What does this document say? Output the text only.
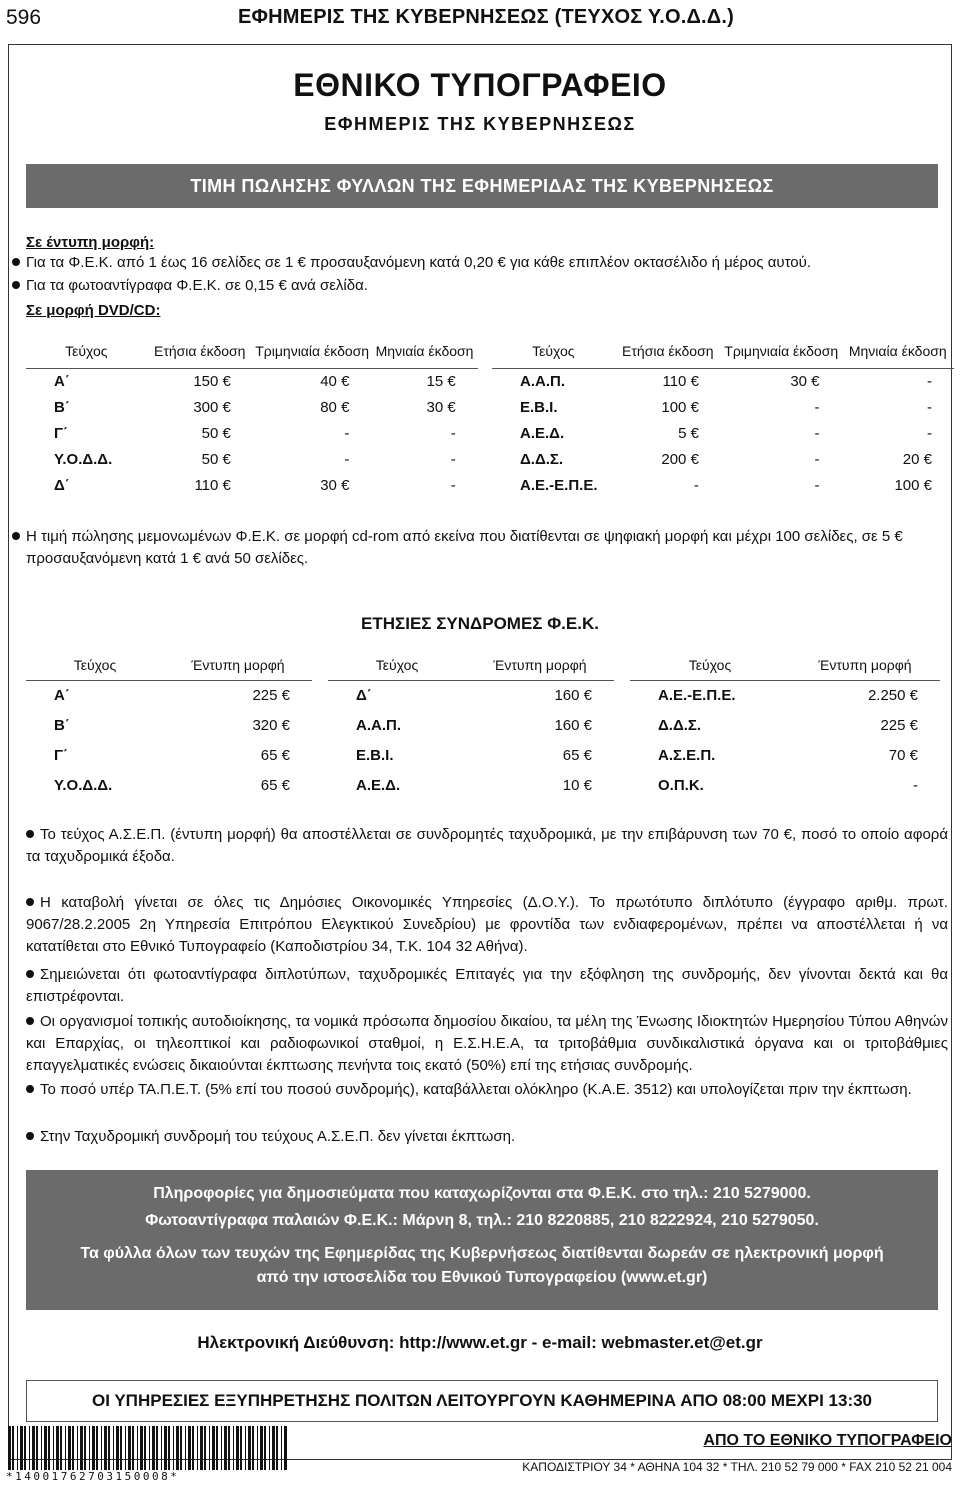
596	ΕΦΗΜΕΡΙΣ ΤΗΣ ΚΥΒΕΡΝΗΣΕΩΣ (ΤΕΥΧΟΣ Υ.Ο.Δ.Δ.)
ΕΘΝΙΚΟ ΤΥΠΟΓΡΑΦΕΙΟ
ΕΦΗΜΕΡΙΣ ΤΗΣ ΚΥΒΕΡΝΗΣΕΩΣ
ΤΙΜΗ ΠΩΛΗΣΗΣ ΦΥΛΛΩΝ ΤΗΣ ΕΦΗΜΕΡΙΔΑΣ ΤΗΣ ΚΥΒΕΡΝΗΣΕΩΣ
Σε έντυπη μορφή:
Για τα Φ.Ε.Κ. από 1 έως 16 σελίδες σε 1 € προσαυξανόμενη κατά 0,20 € για κάθε επιπλέον οκτασέλιδο ή μέρος αυτού.
Για τα φωτοαντίγραφα Φ.Ε.Κ. σε 0,15 € ανά σελίδα.
Σε μορφή DVD/CD:
Τεύχος	Ετήσια έκδοση	Τριμηνιαία έκδοση	Μηνιαία έκδοση		Τεύχος	Ετήσια έκδοση	Τριμηνιαία έκδοση	Μηνιαία έκδοση
Α΄	150 €	40 €	15 €		Α.Α.Π.	110 €	30 €	-
Β΄	300 €	80 €	30 €		Ε.Β.Ι.	100 €	-	-
Γ΄	50 €	-	-		Α.Ε.Δ.	5 €	-	-
Υ.Ο.Δ.Δ.	50 €	-	-		Δ.Δ.Σ.	200 €	-	20 €
Δ΄	110 €	30 €	-		Α.Ε.-Ε.Π.Ε.	-	-	100 €
Η τιμή πώλησης μεμονωμένων Φ.Ε.Κ. σε μορφή cd-rom από εκείνα που διατίθενται σε ψηφιακή μορφή και μέχρι 100 σελίδες, σε 5 €
προσαυξανόμενη κατά 1 € ανά 50 σελίδες.
ΕΤΗΣΙΕΣ ΣΥΝΔΡΟΜΕΣ Φ.Ε.Κ.
Τεύχος	Έντυπη μορφή		Τεύχος	Έντυπη μορφή		Τεύχος	Έντυπη μορφή
Α΄	225 €		Δ΄	160 €		Α.Ε.-Ε.Π.Ε.	2.250 €
Β΄	320 €		Α.Α.Π.	160 €		Δ.Δ.Σ.	225 €
Γ΄	65 €		Ε.Β.Ι.	65 €		Α.Σ.Ε.Π.	70 €
Υ.Ο.Δ.Δ.	65 €		Α.Ε.Δ.	10 €		Ο.Π.Κ.	-
Το τεύχος Α.Σ.Ε.Π. (έντυπη μορφή) θα αποστέλλεται σε συνδρομητές ταχυδρομικά, με την επιβάρυνση των 70 €, ποσό το οποίο αφορά τα ταχυδρομικά έξοδα.
Η καταβολή γίνεται σε όλες τις Δημόσιες Οικονομικές Υπηρεσίες (Δ.Ο.Υ.). Το πρωτότυπο διπλότυπο (έγγραφο αριθμ. πρωτ. 9067/28.2.2005 2η Υπηρεσία Επιτρόπου Ελεγκτικού Συνεδρίου) με φροντίδα των ενδιαφερομένων, πρέπει να αποστέλλεται ή να κατατίθεται στο Εθνικό Τυπογραφείο (Καποδιστρίου 34, Τ.Κ. 104 32 Αθήνα).
Σημειώνεται ότι φωτοαντίγραφα διπλοτύπων, ταχυδρομικές Επιταγές για την εξόφληση της συνδρομής, δεν γίνονται δεκτά και θα επιστρέφονται.
Οι οργανισμοί τοπικής αυτοδιοίκησης, τα νομικά πρόσωπα δημοσίου δικαίου, τα μέλη της Ένωσης Ιδιοκτητών Ημερησίου Τύπου Αθηνών και Επαρχίας, οι τηλεοπτικοί και ραδιοφωνικοί σταθμοί, η Ε.Σ.Η.Ε.Α, τα τριτοβάθμια συνδικαλιστικά όργανα και οι τριτοβάθμιες επαγγελματικές ενώσεις δικαιούνται έκπτωσης πενήντα τοις εκατό (50%) επί της ετήσιας συνδρομής.
Το ποσό υπέρ ΤΑ.Π.Ε.Τ. (5% επί του ποσού συνδρομής), καταβάλλεται ολόκληρο (Κ.Α.Ε. 3512) και υπολογίζεται πριν την έκπτωση.
Στην Ταχυδρομική συνδρομή του τεύχους Α.Σ.Ε.Π. δεν γίνεται έκπτωση.
Πληροφορίες για δημοσιεύματα που καταχωρίζονται στα Φ.Ε.Κ. στο τηλ.: 210 5279000.
Φωτοαντίγραφα παλαιών Φ.Ε.Κ.: Μάρνη 8, τηλ.: 210 8220885, 210 8222924, 210 5279050.
Τα φύλλα όλων των τευχών της Εφημερίδας της Κυβερνήσεως διατίθενται δωρεάν σε ηλεκτρονική μορφή
από την ιστοσελίδα του Εθνικού Τυπογραφείου (www.et.gr)
Ηλεκτρονική Διεύθυνση: http://www.et.gr - e-mail: webmaster.et@et.gr
ΟΙ ΥΠΗΡΕΣΙΕΣ ΕΞΥΠΗΡΕΤΗΣΗΣ ΠΟΛΙΤΩΝ ΛΕΙΤΟΥΡΓΟΥΝ ΚΑΘΗΜΕΡΙΝΑ ΑΠΟ 08:00 ΜΕΧΡΙ 13:30
*14001762703150008*
ΑΠΟ ΤΟ ΕΘΝΙΚΟ ΤΥΠΟΓΡΑΦΕΙΟ
ΚΑΠΟΔΙΣΤΡΙΟΥ 34 * ΑΘΗΝΑ 104 32 * ΤΗΛ. 210 52 79 000 * FAX 210 52 21 004
